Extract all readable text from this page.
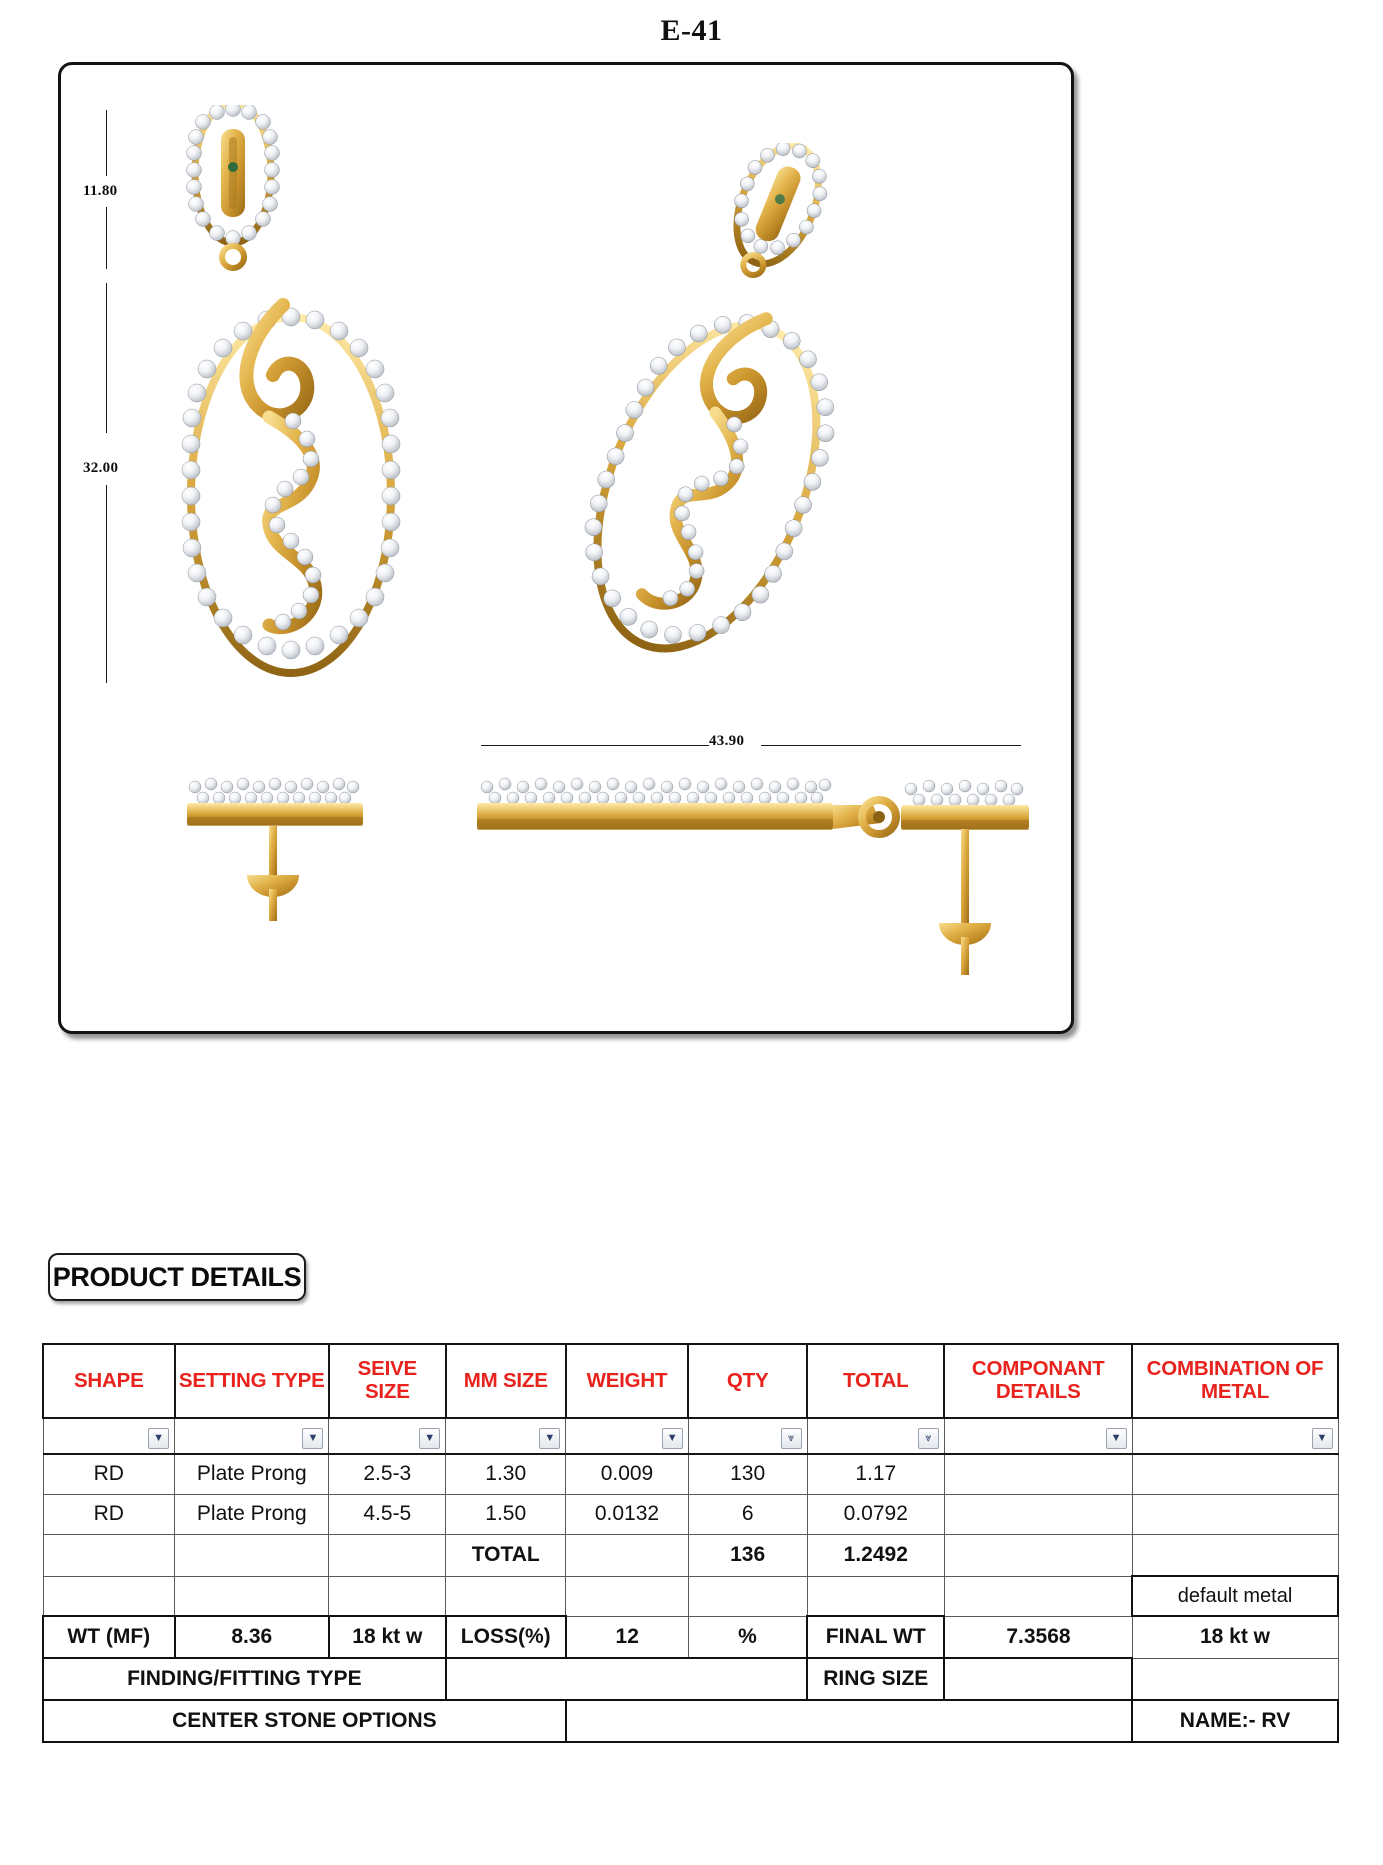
E-41
11.80
32.00
43.90
PRODUCT DETAILS
SHAPE	SETTING TYPE	SEIVE SIZE	MM SIZE	WEIGHT	QTY	TOTAL	COMPONANT DETAILS	COMBINATION OF METAL

▼	▼	▼	▼	▼	⩔	⩔	▼	▼

RD	Plate Prong	2.5-3	1.30	0.009	130	1.17		
RD	Plate Prong	4.5-5	1.50	0.0132	6	0.0792		
			TOTAL		136	1.2492		
								default metal
WT (MF)	8.36	18 kt w	LOSS(%)	12	%	FINAL WT	7.3568	18 kt w
FINDING/FITTING TYPE						RING SIZE		
CENTER STONE OPTIONS								NAME:- RV
